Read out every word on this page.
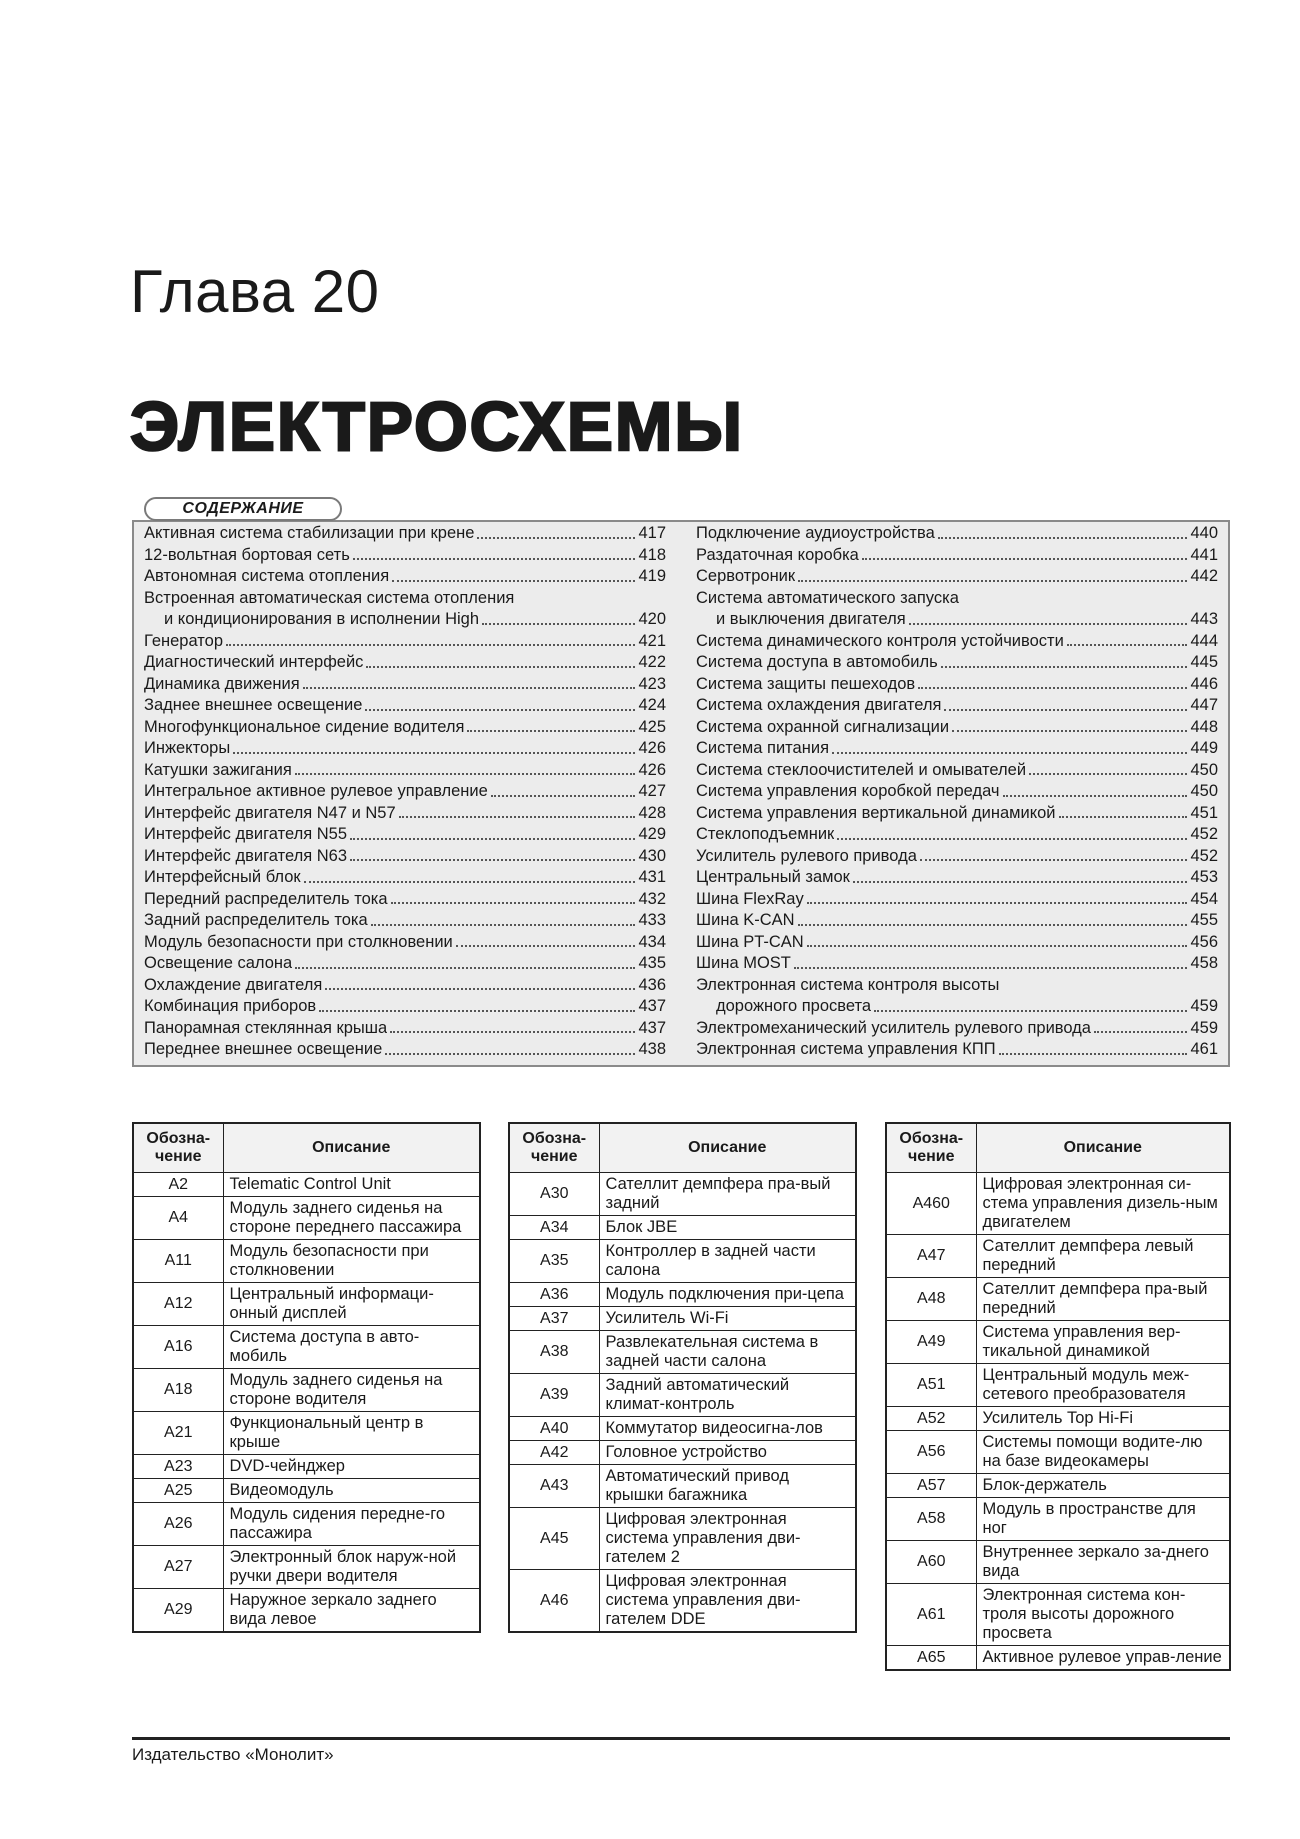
Глава 20
ЭЛЕКТРОСХЕМЫ
СОДЕРЖАНИЕ
Активная система стабилизации при крене	417
12-вольтная бортовая сеть	418
Автономная система отопления	419
Встроенная автоматическая система отопления
и кондиционирования в исполнении High	420
Генератор	421
Диагностический интерфейс	422
Динамика движения	423
Заднее внешнее освещение	424
Многофункциональное сидение водителя	425
Инжекторы	426
Катушки зажигания	426
Интегральное активное рулевое управление	427
Интерфейс двигателя N47 и N57	428
Интерфейс двигателя N55	429
Интерфейс двигателя N63	430
Интерфейсный блок	431
Передний распределитель тока	432
Задний распределитель тока	433
Модуль безопасности при столкновении	434
Освещение салона	435
Охлаждение двигателя	436
Комбинация приборов	437
Панорамная стеклянная крыша	437
Переднее внешнее освещение	438
Подключение аудиоустройства	440
Раздаточная коробка	441
Сервотроник	442
Система автоматического запуска
и выключения двигателя	443
Система динамического контроля устойчивости	444
Система доступа в автомобиль	445
Система защиты пешеходов	446
Система охлаждения двигателя	447
Система охранной сигнализации	448
Система питания	449
Система стеклоочистителей и омывателей	450
Система управления коробкой передач	450
Система управления вертикальной динамикой	451
Стеклоподъемник	452
Усилитель рулевого привода	452
Центральный замок	453
Шина FlexRay	454
Шина K-CAN	455
Шина PT-CAN	456
Шина MOST	458
Электронная система контроля высоты
дорожного просвета	459
Электромеханический усилитель рулевого привода	459
Электронная система управления КПП	461
Обозна-чение	Описание
A2	Telematic Control Unit
A4	Модуль заднего сиденья на стороне переднего пассажира
A11	Модуль безопасности при столкновении
A12	Центральный информаци-онный дисплей
A16	Система доступа в авто-мобиль
A18	Модуль заднего сиденья на стороне водителя
A21	Функциональный центр в крыше
A23	DVD-чейнджер
A25	Видеомодуль
A26	Модуль сидения передне-го пассажира
A27	Электронный блок наруж-ной ручки двери водителя
A29	Наружное зеркало заднего вида левое
Обозна-чение	Описание
A30	Сателлит демпфера пра-вый задний
A34	Блок JBE
A35	Контроллер в задней части салона
A36	Модуль подключения при-цепа
A37	Усилитель Wi-Fi
A38	Развлекательная система в задней части салона
A39	Задний автоматический климат-контроль
A40	Коммутатор видеосигна-лов
A42	Головное устройство
A43	Автоматический привод крышки багажника
A45	Цифровая электронная система управления дви-гателем 2
A46	Цифровая электронная система управления дви-гателем DDE
Обозна-чение	Описание
A460	Цифровая электронная си-стема управления дизель-ным двигателем
A47	Сателлит демпфера левый передний
A48	Сателлит демпфера пра-вый передний
A49	Система управления вер-тикальной динамикой
A51	Центральный модуль меж-сетевого преобразователя
A52	Усилитель Top Hi-Fi
A56	Системы помощи водите-лю на базе видеокамеры
A57	Блок-держатель
A58	Модуль в пространстве для ног
A60	Внутреннее зеркало за-днего вида
A61	Электронная система кон-троля высоты дорожного просвета
A65	Активное рулевое управ-ление
Издательство «Монолит»
